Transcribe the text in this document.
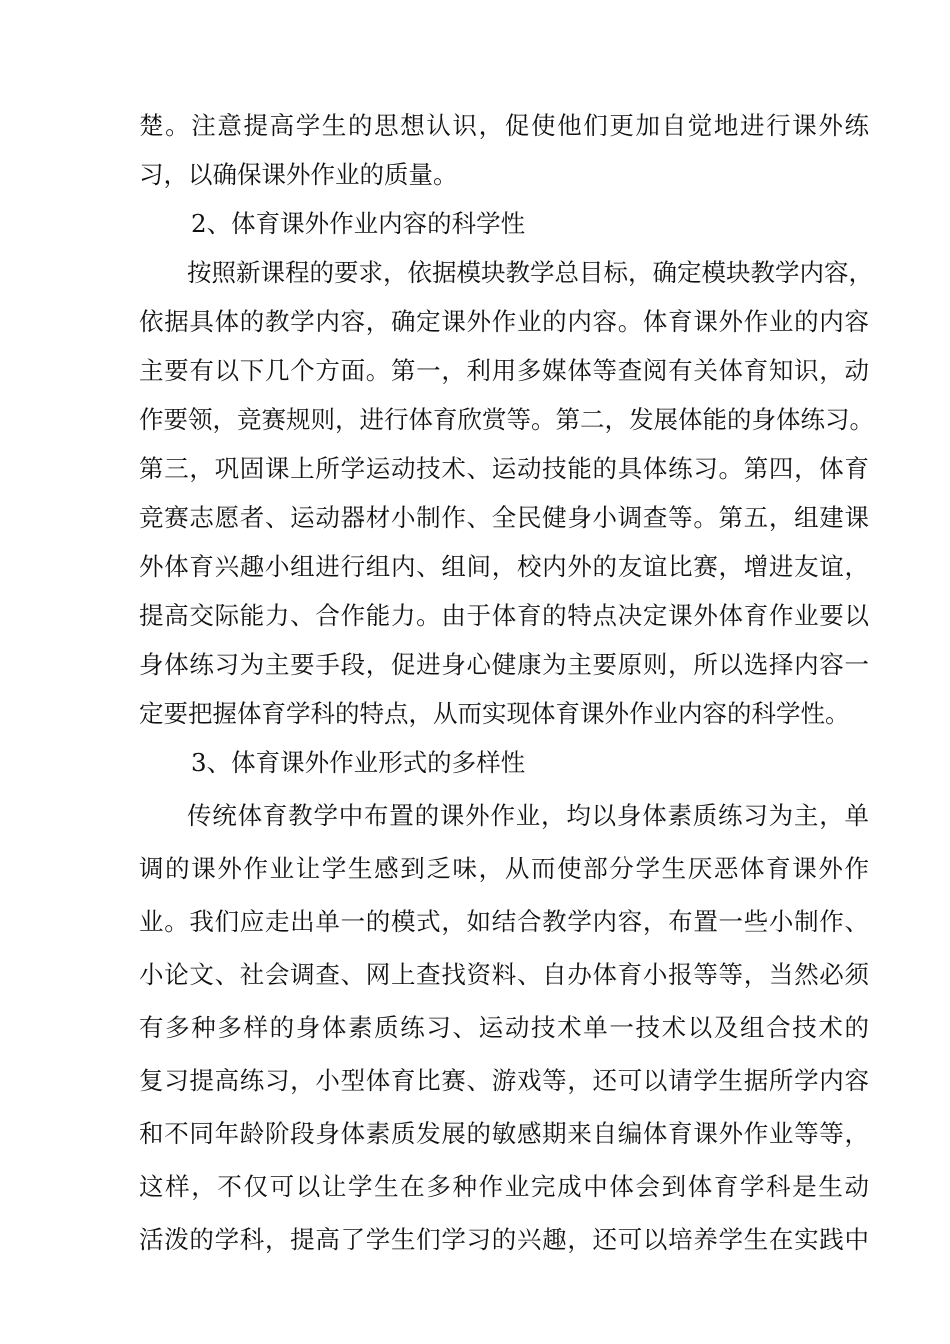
楚。注意提高学生的思想认识，促使他们更加自觉地进行课外练
习，以确保课外作业的质量。
2、体育课外作业内容的科学性
按照新课程的要求，依据模块教学总目标，确定模块教学内容，
依据具体的教学内容，确定课外作业的内容。体育课外作业的内容
主要有以下几个方面。第一，利用多媒体等查阅有关体育知识，动
作要领，竞赛规则，进行体育欣赏等。第二，发展体能的身体练习。
第三，巩固课上所学运动技术、运动技能的具体练习。第四，体育
竞赛志愿者、运动器材小制作、全民健身小调查等。第五，组建课
外体育兴趣小组进行组内、组间，校内外的友谊比赛，增进友谊，
提高交际能力、合作能力。由于体育的特点决定课外体育作业要以
身体练习为主要手段，促进身心健康为主要原则，所以选择内容一
定要把握体育学科的特点，从而实现体育课外作业内容的科学性。
3、体育课外作业形式的多样性
传统体育教学中布置的课外作业，均以身体素质练习为主，单
调的课外作业让学生感到乏味，从而使部分学生厌恶体育课外作
业。我们应走出单一的模式，如结合教学内容，布置一些小制作、
小论文、社会调查、网上查找资料、自办体育小报等等，当然必须
有多种多样的身体素质练习、运动技术单一技术以及组合技术的
复习提高练习，小型体育比赛、游戏等，还可以请学生据所学内容
和不同年龄阶段身体素质发展的敏感期来自编体育课外作业等等，
这样，不仅可以让学生在多种作业完成中体会到体育学科是生动
活泼的学科，提高了学生们学习的兴趣，还可以培养学生在实践中
